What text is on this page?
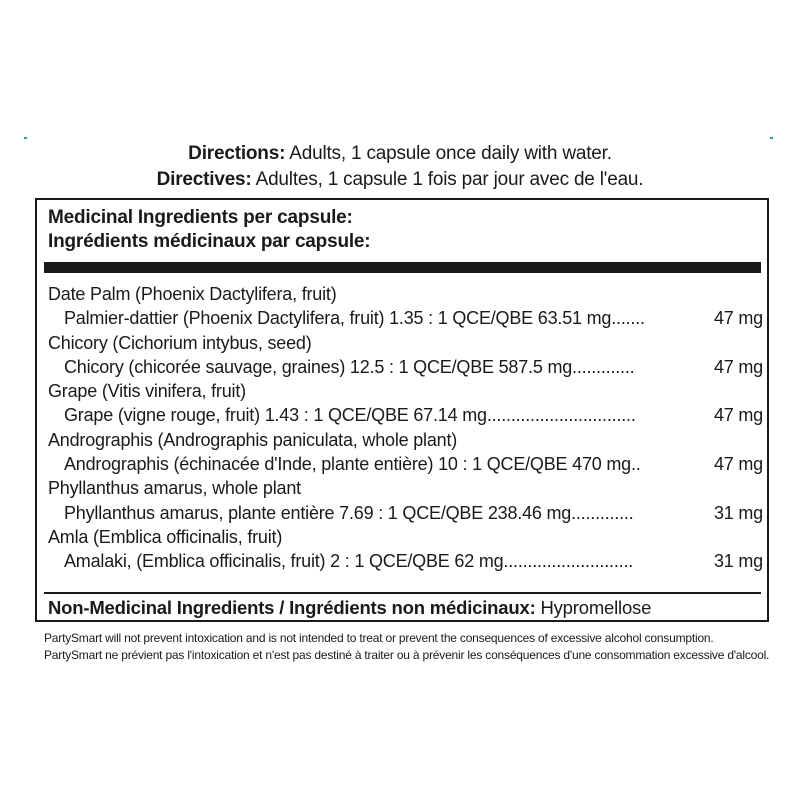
Directions: Adults, 1 capsule once daily with water.
Directives: Adultes, 1 capsule 1 fois par jour avec de l'eau.
Medicinal Ingredients per capsule:
Ingrédients médicinaux par capsule:
Date Palm (Phoenix Dactylifera, fruit)
Palmier-dattier (Phoenix Dactylifera, fruit) 1.35 : 1 QCE/QBE 63.51 mg.......	47 mg
Chicory (Cichorium intybus, seed)
Chicory (chicorée sauvage, graines) 12.5 : 1 QCE/QBE 587.5 mg.............	47 mg
Grape (Vitis vinifera, fruit)
Grape (vigne rouge, fruit) 1.43 : 1 QCE/QBE 67.14 mg...............................	47 mg
Andrographis (Andrographis paniculata, whole plant)
Andrographis (échinacée d'Inde, plante entière) 10 : 1 QCE/QBE 470 mg..	47 mg
Phyllanthus amarus, whole plant
Phyllanthus amarus, plante entière 7.69 : 1 QCE/QBE 238.46 mg.............	31 mg
Amla (Emblica officinalis, fruit)
Amalaki, (Emblica officinalis, fruit) 2 : 1 QCE/QBE 62 mg...........................	31 mg
Non-Medicinal Ingredients / Ingrédients non médicinaux: Hypromellose
PartySmart will not prevent intoxication and is not intended to treat or prevent the consequences of excessive alcohol consumption.
PartySmart ne prévient pas l'intoxication et n'est pas destiné à traiter ou à prévenir les conséquences d'une consommation excessive d'alcool.
